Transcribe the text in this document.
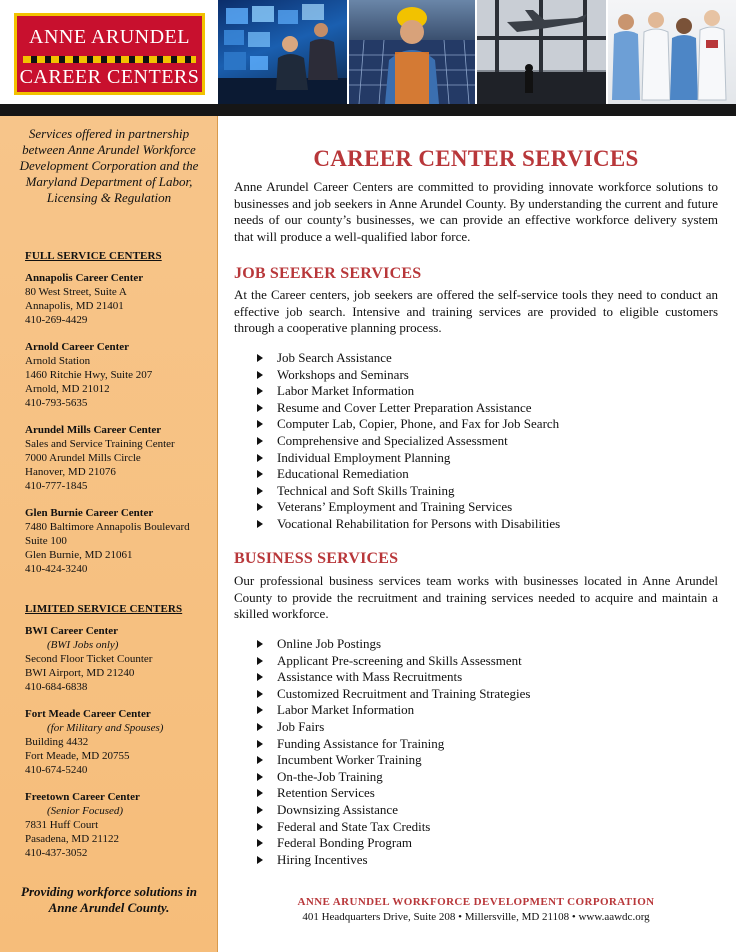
ANNE ARUNDEL
CAREER CENTERS
Services offered in partnership between Anne Arundel Workforce Development Corporation and the Maryland Department of Labor, Licensing & Regulation
FULL SERVICE CENTERS
Annapolis Career Center
80 West Street, Suite A
Annapolis, MD 21401
410-269-4429
Arnold Career Center
Arnold Station
1460 Ritchie Hwy, Suite 207
Arnold, MD 21012
410-793-5635
Arundel Mills Career Center
Sales and Service Training Center
7000 Arundel Mills Circle
Hanover, MD 21076
410-777-1845
Glen Burnie Career Center
7480 Baltimore Annapolis Boulevard
Suite 100
Glen Burnie, MD 21061
410-424-3240
LIMITED SERVICE CENTERS
BWI Career Center
(BWI Jobs only)
Second Floor Ticket Counter
BWI Airport, MD 21240
410-684-6838
Fort Meade Career Center
(for Military and Spouses)
Building 4432
Fort Meade, MD 20755
410-674-5240
Freetown Career Center
(Senior Focused)
7831 Huff Court
Pasadena, MD 21122
410-437-3052
Providing workforce solutions in Anne Arundel County.
CAREER CENTER SERVICES

Anne Arundel Career Centers are committed to providing innovate workforce solutions to businesses and job seekers in Anne Arundel County. By understanding the current and future needs of our county’s businesses, we can provide an effective workforce delivery system that will produce a well-qualified labor force.

JOB SEEKER SERVICES

At the Career centers, job seekers are offered the self-service tools they need to conduct an effective job search. Intensive and training services are provided to eligible customers through a cooperative planning process.

Job Search Assistance
Workshops and Seminars
Labor Market Information
Resume and Cover Letter Preparation Assistance
Computer Lab, Copier, Phone, and Fax for Job Search
Comprehensive and Specialized Assessment
Individual Employment Planning
Educational Remediation
Technical and Soft Skills Training
Veterans’ Employment and Training Services
Vocational Rehabilitation for Persons with Disabilities
BUSINESS SERVICES

Our professional business services team works with businesses located in Anne Arundel County to provide the recruitment and training services needed to acquire and maintain a skilled workforce.

Online Job Postings
Applicant Pre-screening and Skills Assessment
Assistance with Mass Recruitments
Customized Recruitment and Training Strategies
Labor Market Information
Job Fairs
Funding Assistance for Training
Incumbent Worker Training
On-the-Job Training
Retention Services
Downsizing Assistance
Federal and State Tax Credits
Federal Bonding Program
Hiring Incentives
ANNE ARUNDEL WORKFORCE DEVELOPMENT CORPORATION
401 Headquarters Drive, Suite 208 • Millersville, MD 21108 • www.aawdc.org
